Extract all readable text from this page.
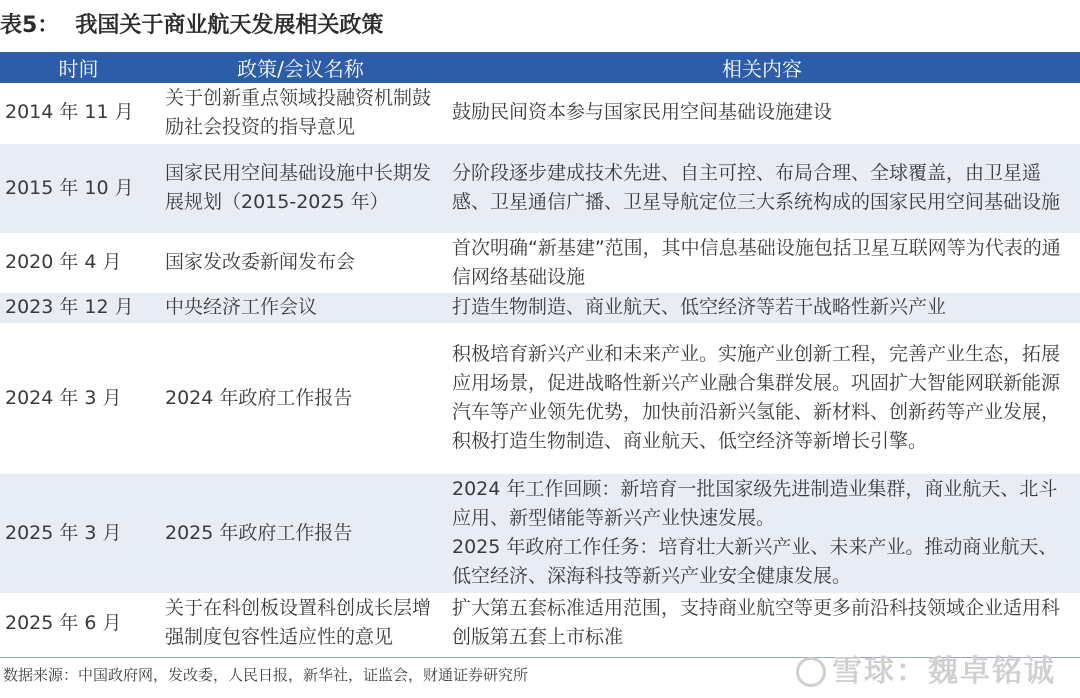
表5： 我国关于商业航天发展相关政策
时间	政策/会议名称	相关内容
2014 年 11 月	关于创新重点领域投融资机制鼓励社会投资的指导意见	鼓励民间资本参与国家民用空间基础设施建设

2015 年 10 月	国家民用空间基础设施中长期发展规划（2015-2025 年）	分阶段逐步建成技术先进、自主可控、布局合理、全球覆盖，由卫星遥感、卫星通信广播、卫星导航定位三大系统构成的国家民用空间基础设施

2020 年 4 月	国家发改委新闻发布会	首次明确“新基建”范围，其中信息基础设施包括卫星互联网等为代表的通信网络基础设施

2023 年 12 月	中央经济工作会议	打造生物制造、商业航天、低空经济等若干战略性新兴产业

2024 年 3 月	2024 年政府工作报告	积极培育新兴产业和未来产业。实施产业创新工程，完善产业生态，拓展应用场景，促进战略性新兴产业融合集群发展。巩固扩大智能网联新能源汽车等产业领先优势，加快前沿新兴氢能、新材料、创新药等产业发展，积极打造生物制造、商业航天、低空经济等新增长引擎。

2025 年 3 月	2025 年政府工作报告	2024 年工作回顾：新培育一批国家级先进制造业集群，商业航天、北斗应用、新型储能等新兴产业快速发展。
2025 年政府工作任务：培育壮大新兴产业、未来产业。推动商业航天、低空经济、深海科技等新兴产业安全健康发展。

2025 年 6 月	关于在科创板设置科创成长层增强制度包容性适应性的意见	扩大第五套标准适用范围，支持商业航空等更多前沿科技领域企业适用科创版第五套上市标准
数据来源：中国政府网，发改委，人民日报，新华社，证监会，财通证券研究所	雪球：魏卓铭诚
